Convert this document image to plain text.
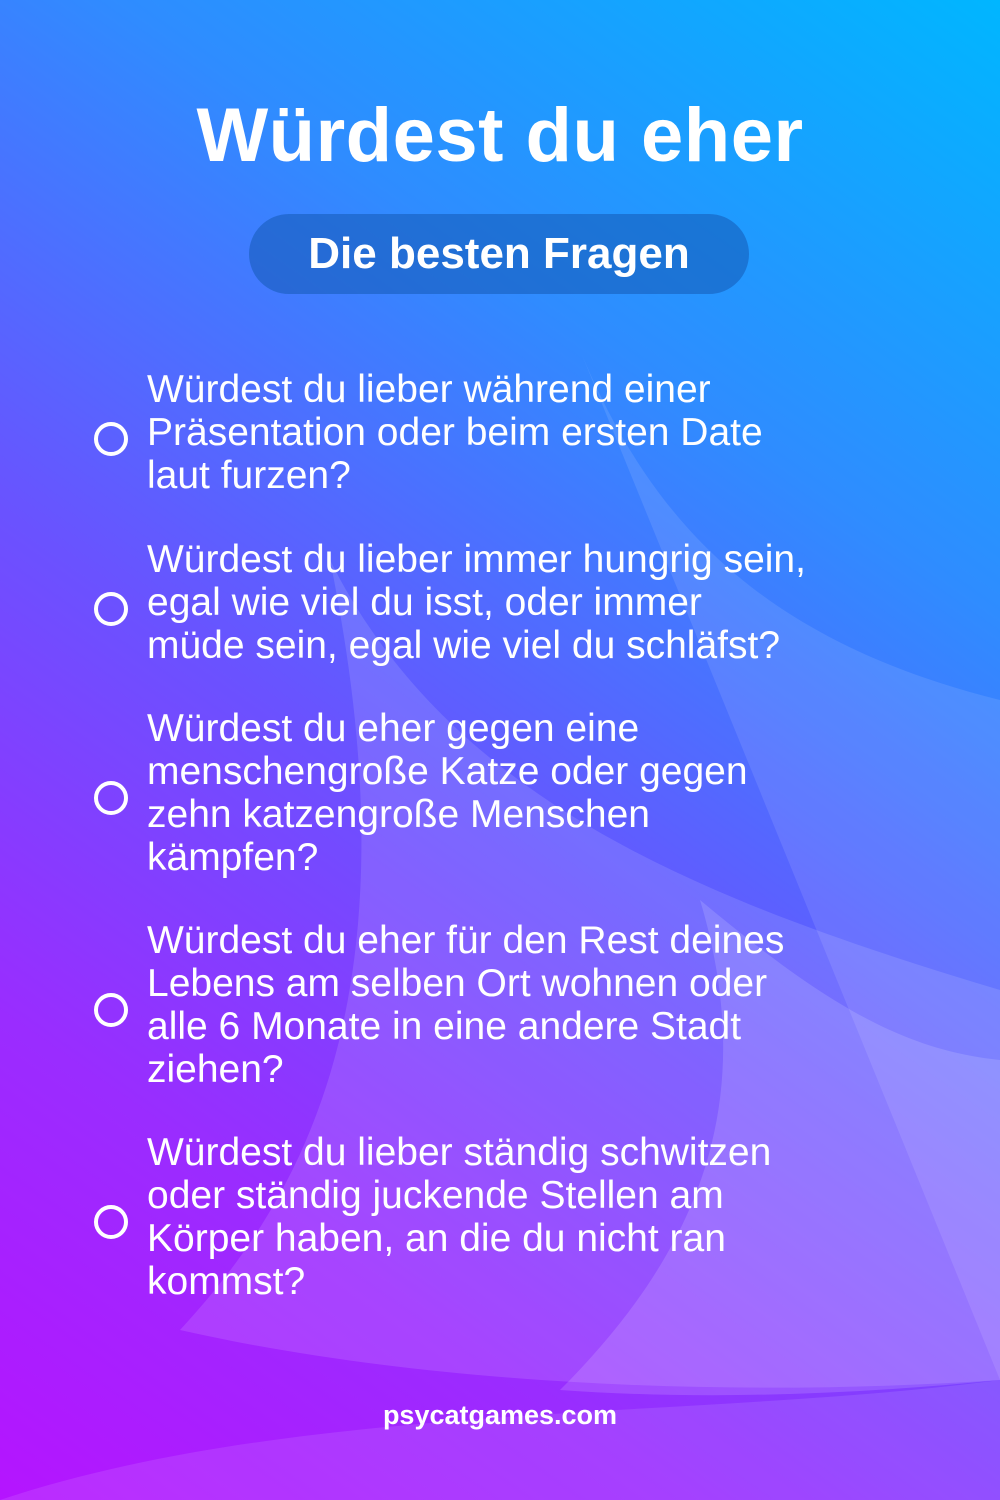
Würdest du eher
Die besten Fragen
Würdest du lieber während einer
Präsentation oder beim ersten Date
laut furzen?
Würdest du lieber immer hungrig sein,
egal wie viel du isst, oder immer
müde sein, egal wie viel du schläfst?
Würdest du eher gegen eine
menschengroße Katze oder gegen
zehn katzengroße Menschen
kämpfen?
Würdest du eher für den Rest deines
Lebens am selben Ort wohnen oder
alle 6 Monate in eine andere Stadt
ziehen?
Würdest du lieber ständig schwitzen
oder ständig juckende Stellen am
Körper haben, an die du nicht ran
kommst?
psycatgames.com
